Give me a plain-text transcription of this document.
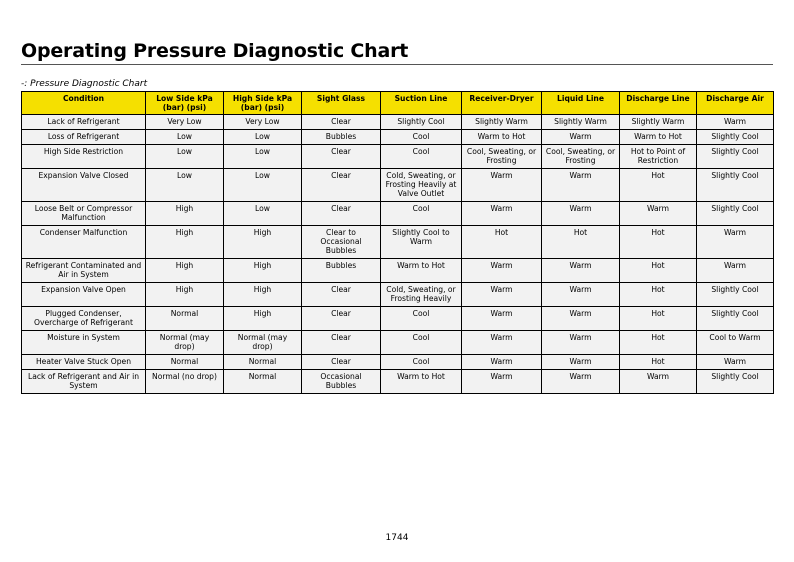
Operating Pressure Diagnostic Chart
-: Pressure Diagnostic Chart
Condition	Low Side kPa (bar) (psi)	High Side kPa (bar) (psi)	Sight Glass	Suction Line	Receiver-Dryer	Liquid Line	Discharge Line	Discharge Air
Lack of Refrigerant	Very Low	Very Low	Clear	Slightly Cool	Slightly Warm	Slightly Warm	Slightly Warm	Warm
Loss of Refrigerant	Low	Low	Bubbles	Cool	Warm to Hot	Warm	Warm to Hot	Slightly Cool
High Side Restriction	Low	Low	Clear	Cool	Cool, Sweating, or Frosting	Cool, Sweating, or Frosting	Hot to Point of Restriction	Slightly Cool
Expansion Valve Closed	Low	Low	Clear	Cold, Sweating, or Frosting Heavily at Valve Outlet	Warm	Warm	Hot	Slightly Cool
Loose Belt or Compressor Malfunction	High	Low	Clear	Cool	Warm	Warm	Warm	Slightly Cool
Condenser Malfunction	High	High	Clear to Occasional Bubbles	Slightly Cool to Warm	Hot	Hot	Hot	Warm
Refrigerant Contaminated and Air in System	High	High	Bubbles	Warm to Hot	Warm	Warm	Hot	Warm
Expansion Valve Open	High	High	Clear	Cold, Sweating, or Frosting Heavily	Warm	Warm	Hot	Slightly Cool
Plugged Condenser, Overcharge of Refrigerant	Normal	High	Clear	Cool	Warm	Warm	Hot	Slightly Cool
Moisture in System	Normal (may drop)	Normal (may drop)	Clear	Cool	Warm	Warm	Hot	Cool to Warm
Heater Valve Stuck Open	Normal	Normal	Clear	Cool	Warm	Warm	Hot	Warm
Lack of Refrigerant and Air in System	Normal (no drop)	Normal	Occasional Bubbles	Warm to Hot	Warm	Warm	Warm	Slightly Cool
1744
